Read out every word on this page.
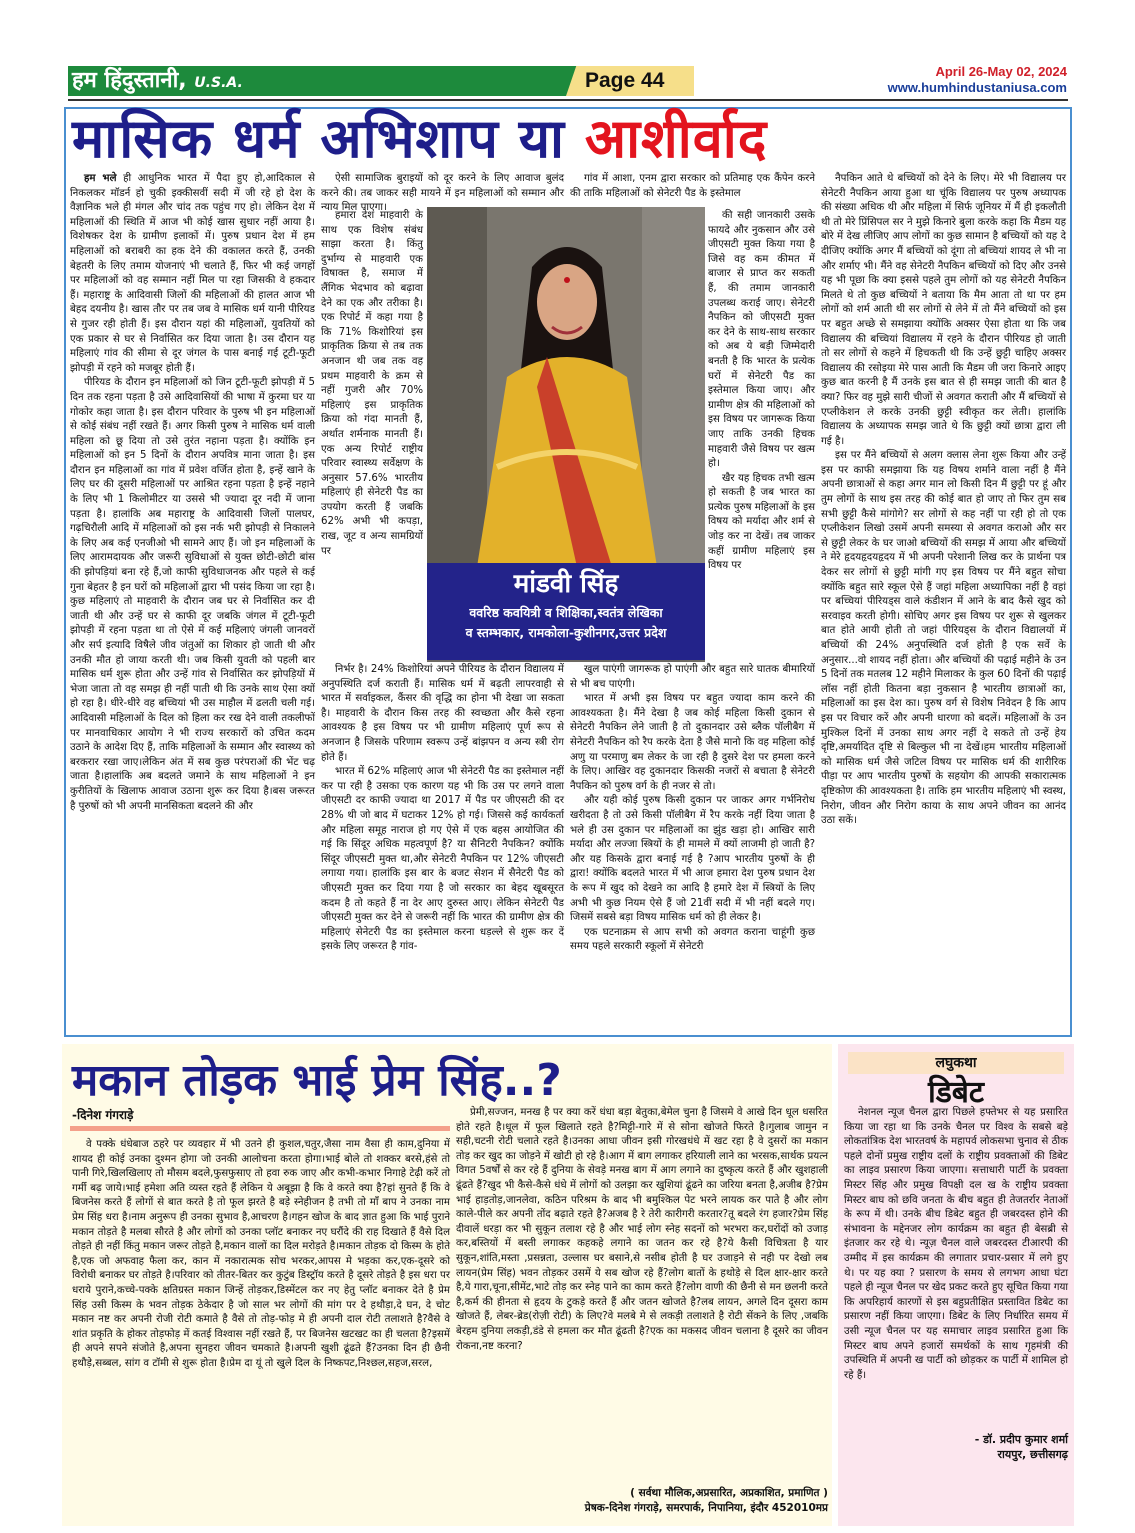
हम हिंदुस्तानी, U.S.A.	Page 44	April 26-May 02, 2024
www.humhindustaniusa.com
मासिक धर्म अभिशाप या आशीर्वाद

हम भले ही आधुनिक भारत में पैदा हुए हो,आदिकाल से निकलकर मॉडर्न हो चुकी इक्कीसवीं सदी में जी रहे हो देश के वैज्ञानिक भले ही मंगल और चांद तक पहुंच गए हो। लेकिन देश में महिलाओं की स्थिति में आज भी कोई खास सुधार नहीं आया है। विशेषकर देश के ग्रामीण इलाकों में। पुरुष प्रधान देश में हम महिलाओं को बराबरी का हक देने की वकालत करते हैं, उनकी बेहतरी के लिए तमाम योजनाएं भी चलाते हैं, फिर भी कई जगहों पर महिलाओं को वह सम्मान नहीं मिल पा रहा जिसकी वे हकदार हैं। महाराष्ट्र के आदिवासी जिलों की महिलाओं की हालत आज भी बेहद दयनीय है। खास तौर पर तब जब वे मासिक धर्म यानी पीरियड से गुजर रही होती हैं। इस दौरान यहां की महिलाओं, युवतियों को एक प्रकार से घर से निर्वासित कर दिया जाता है। उस दौरान यह महिलाएं गांव की सीमा से दूर जंगल के पास बनाई गई टूटी-फूटी झोपड़ी में रहने को मजबूर होती हैं।

पीरियड के दौरान इन महिलाओं को जिन टूटी-फूटी झोपड़ी में 5 दिन तक रहना पड़ता है उसे आदिवासियों की भाषा में कुरमा घर या गोकोर कहा जाता है। इस दौरान परिवार के पुरुष भी इन महिलाओं से कोई संबंध नहीं रखते हैं। अगर किसी पुरुष ने मासिक धर्म वाली महिला को छू दिया तो उसे तुरंत नहाना पड़ता है। क्योंकि इन महिलाओं को इन 5 दिनों के दौरान अपवित्र माना जाता है। इस दौरान इन महिलाओं का गांव में प्रवेश वर्जित होता है, इन्हें खाने के लिए घर की दूसरी महिलाओं पर आश्रित रहना पड़ता है इन्हें नहाने के लिए भी 1 किलोमीटर या उससे भी ज्यादा दूर नदी में जाना पड़ता है। हालांकि अब महाराष्ट्र के आदिवासी जिलों पालघर, गढ़चिरौली आदि में महिलाओं को इस नर्क भरी झोपड़ी से निकालने के लिए अब कई एनजीओ भी सामने आए हैं। जो इन महिलाओं के लिए आरामदायक और जरूरी सुविधाओं से युक्त छोटी-छोटी बांस की झोपड़ियां बना रहे हैं,जो काफी सुविधाजनक और पहले से कई गुना बेहतर है इन घरों को महिलाओं द्वारा भी पसंद किया जा रहा है। कुछ महिलाएं तो माहवारी के दौरान जब घर से निर्वासित कर दी जाती थी और उन्हें घर से काफी दूर जबकि जंगल में टूटी-फूटी झोपड़ी में रहना पड़ता था तो ऐसे में कई महिलाएं जंगली जानवरों और सर्प इत्यादि विषैले जीव जंतुओं का शिकार हो जाती थी और उनकी मौत हो जाया करती थी। जब किसी युवती को पहली बार मासिक धर्म शुरू होता और उन्हें गांव से निर्वासित कर झोपड़ियों में भेजा जाता तो वह समझ ही नहीं पाती थी कि उनके साथ ऐसा क्यों हो रहा है। धीरे-धीरे वह बच्चियां भी उस माहौल में ढलती चली गई। आदिवासी महिलाओं के दिल को हिला कर रख देने वाली तकलीफों पर मानवाधिकार आयोग ने भी राज्य सरकारों को उचित कदम उठाने के आदेश दिए हैं, ताकि महिलाओं के सम्मान और स्वास्थ्य को बरकरार रखा जाए।लेकिन अंत में सब कुछ परंपराओं की भेंट चढ़ जाता है।हालांकि अब बदलते जमाने के साथ महिलाओं ने इन कुरीतियों के खिलाफ आवाज उठाना शुरू कर दिया है।बस जरूरत है पुरुषों को भी अपनी मानसिकता बदलने की और

ऐसी सामाजिक बुराइयों को दूर करने के लिए आवाज बुलंद करने की। तब जाकर सही मायने में इन महिलाओं को सम्मान और न्याय मिल पाएगा।

हमारा देश माहवारी के साथ एक विशेष संबंध साझा करता है। किंतु दुर्भाग्य से माहवारी एक विषाक्त है, समाज में लैंगिक भेदभाव को बढ़ावा देने का एक और तरीका है। एक रिपोर्ट में कहा गया है कि 71% किशोरियां इस प्राकृतिक क्रिया से तब तक अनजान थी जब तक वह प्रथम माहवारी के क्रम से नहीं गुजरी और 70% महिलाएं इस प्राकृतिक क्रिया को गंदा मानती हैं, अर्थात शर्मनाक मानती हैं। एक अन्य रिपोर्ट राष्ट्रीय परिवार स्वास्थ्य सर्वेक्षण के अनुसार 57.6% भारतीय महिलाएं ही सेनेटरी पैड का उपयोग करती हैं जबकि 62% अभी भी कपड़ा, राख, जूट व अन्य सामग्रियों पर

निर्भर है। 24% किशोरियां अपने पीरियड के दौरान विद्यालय में अनुपस्थिति दर्ज कराती हैं। मासिक धर्म में बढ़ती लापरवाही से भारत में सर्वाइकल, कैंसर की वृद्धि का होना भी देखा जा सकता है। माहवारी के दौरान किस तरह की स्वच्छता और कैसे रहना आवश्यक है इस विषय पर भी ग्रामीण महिलाएं पूर्ण रूप से अनजान है जिसके परिणाम स्वरूप उन्हें बांझपन व अन्य स्त्री रोग होते हैं।

भारत में 62% महिलाएं आज भी सेनेटरी पैड का इस्तेमाल नहीं कर पा रही है उसका एक कारण यह भी कि उस पर लगने वाला जीएसटी दर काफी ज्यादा था 2017 में पैड पर जीएसटी की दर 28% थी जो बाद में घटाकर 12% हो गई। जिससे कई कार्यकर्ता और महिला समूह नाराज हो गए ऐसे में एक बहस आयोजित की गई कि सिंदूर अधिक महत्वपूर्ण है? या सैनिटरी नैपकिन? क्योंकि सिंदूर जीएसटी मुक्त था,और सेनेटरी नैपकिन पर 12% जीएसटी लगाया गया। हालांकि इस बार के बजट सेशन में सैनेटरी पैड को जीएसटी मुक्त कर दिया गया है जो सरकार का बेहद खूबसूरत कदम है तो कहते हैं ना देर आए दुरुस्त आए। लेकिन सेनेटरी पैड जीएसटी मुक्त कर देने से जरूरी नहीं कि भारत की ग्रामीण क्षेत्र की महिलाएं सेनेटरी पैड का इस्तेमाल करना धड़ल्ले से शुरू कर दें इसके लिए जरूरत है गांव-

मांडवी सिंह
ववरिष्ठ कवयित्री व शिक्षिका,स्वतंत्र लेखिका
व स्तम्भकार, रामकोला-कुशीनगर,उत्तर प्रदेश

गांव में आशा, एनम द्वारा सरकार को प्रतिमाह एक कैंपेन करने की ताकि महिलाओं को सेनेटरी पैड के इस्तेमाल

की सही जानकारी उसके फायदे और नुकसान और उसे जीएसटी मुक्त किया गया है जिसे वह कम कीमत में बाजार से प्राप्त कर सकती हैं, की तमाम जानकारी उपलब्ध कराई जाए। सेनेटरी नैपकिन को जीएसटी मुक्त कर देने के साथ-साथ सरकार को अब ये बड़ी जिम्मेदारी बनती है कि भारत के प्रत्येक घरों में सेनेटरी पैड का इस्तेमाल किया जाए। और ग्रामीण क्षेत्र की महिलाओं को इस विषय पर जागरूक किया जाए ताकि उनकी हिचक माहवारी जैसे विषय पर खत्म हो।

खैर यह हिचक तभी खत्म हो सकती है जब भारत का प्रत्येक पुरुष महिलाओं के इस विषय को मर्यादा और शर्म से जोड़ कर ना देखें। तब जाकर कहीं ग्रामीण महिलाएं इस विषय पर

खुल पाएंगी जागरूक हो पाएंगी और बहुत सारे घातक बीमारियों से भी बच पाएंगी।

भारत में अभी इस विषय पर बहुत ज्यादा काम करने की आवश्यकता है। मैंने देखा है जब कोई महिला किसी दुकान से सेनेटरी नैपकिन लेने जाती है तो दुकानदार उसे ब्लैक पॉलीबैग में सेनेटरी नैपकिन को रैप करके देता है जैसे मानो कि वह महिला कोई अणु या परमाणु बम लेकर के जा रही है दुसरे देश पर हमला करने के लिए। आखिर वह दुकानदार किसकी नजरों से बचाता है सेनेटरी नैपकिन को पुरुष वर्ग के ही नजर से तो।

और यही कोई पुरुष किसी दुकान पर जाकर अगर गर्भनिरोध खरीदता है तो उसे किसी पॉलीबैग में रैप करके नहीं दिया जाता है भले ही उस दुकान पर महिलाओं का झुंड खड़ा हो। आखिर सारी मर्यादा और लज्जा स्त्रियों के ही मामले में क्यों लाजमी हो जाती है?और यह किसके द्वारा बनाई गई है ?आप भारतीय पुरुषों के ही द्वारा! क्योंकि बदलते भारत में भी आज हमारा देश पुरुष प्रधान देश के रूप में खुद को देखने का आदि है हमारे देश में स्त्रियों के लिए अभी भी कुछ नियम ऐसे हैं जो 21वीं सदी में भी नहीं बदले गए।जिसमें सबसे बड़ा विषय मासिक धर्म को ही लेकर है।

एक घटनाक्रम से आप सभी को अवगत कराना चाहूंगी कुछ समय पहले सरकारी स्कूलों में सेनेटरी

नैपकिन आते थे बच्चियों को देने के लिए। मेरे भी विद्यालय पर सेनेटरी नैपकिन आया हुआ था चूंकि विद्यालय पर पुरुष अध्यापक की संख्या अधिक थी और महिला में सिर्फ जूनियर में मैं ही इकलौती थी तो मेरे प्रिंसिपल सर ने मुझे किनारे बुला करके कहा कि मैडम यह बोरे में देख लीजिए आप लोगों का कुछ सामान है बच्चियों को यह दे दीजिए क्योंकि अगर मैं बच्चियों को दूंगा तो बच्चियां शायद ले भी ना और शर्माए भी। मैंने वह सेनेटरी नैपकिन बच्चियों को दिए और उनसे यह भी पूछा कि क्या इससे पहले तुम लोगों को यह सेनेटरी नैपकिन मिलते थे तो कुछ बच्चियों ने बताया कि मैम आता तो था पर हम लोगों को शर्म आती थी सर लोगों से लेने में तो मैंने बच्चियों को इस पर बहुत अच्छे से समझाया क्योंकि अक्सर ऐसा होता था कि जब विद्यालय की बच्चियां विद्यालय में रहने के दौरान पीरियड हो जाती तो सर लोगों से कहने में हिचकती थी कि उन्हें छुट्टी चाहिए अक्सर विद्यालय की रसोइया मेरे पास आती कि मैडम जी जरा किनारे आइए कुछ बात करनी है मैं उनके इस बात से ही समझ जाती की बात है क्या? फिर वह मुझे सारी चीजों से अवगत कराती और मैं बच्चियों से एप्लीकेशन ले करके उनकी छुट्टी स्वीकृत कर लेती। हालांकि विद्यालय के अध्यापक समझ जाते थे कि छुट्टी क्यों छात्रा द्वारा ली गई है।

इस पर मैंने बच्चियों से अलग क्लास लेना शुरू किया और उन्हें इस पर काफी समझाया कि यह विषय शर्माने वाला नहीं है मैंने अपनी छात्राओं से कहा अगर मान लो किसी दिन मैं छुट्टी पर हूं और तुम लोगों के साथ इस तरह की कोई बात हो जाए तो फिर तुम सब सभी छुट्टी कैसे मांगोगे? सर लोगों से कह नहीं पा रही हो तो एक एप्लीकेशन लिखो उसमें अपनी समस्या से अवगत कराओ और सर से छुट्टी लेकर के घर जाओ बच्चियों की समझ में आया और बच्चियों ने मेरे हृदयहृदयहृदय में भी अपनी परेशानी लिख कर के प्रार्थना पत्र देकर सर लोगों से छुट्टी मांगी गए इस विषय पर मैंने बहुत सोचा क्योंकि बहुत सारे स्कूल ऐसे हैं जहां महिला अध्यापिका नहीं है वहां पर बच्चियां पीरियड्स वाले कंडीशन में आने के बाद कैसे खुद को सरवाइव करती होगी। सोचिए अगर इस विषय पर शुरू से खुलकर बात होते आयी होती तो जहां पीरियड्स के दौरान विद्यालयों में बच्चियों की 24% अनुपस्थिति दर्ज होती है एक सर्वे के अनुसार...वो शायद नहीं होता। और बच्चियों की पढ़ाई महीने के उन 5 दिनों तक मतलब 12 महीने मिलाकर के कुल 60 दिनों की पढ़ाई लॉस नहीं होती कितना बड़ा नुकसान है भारतीय छात्राओं का, महिलाओं का इस देश का। पुरुष वर्ग से विशेष निवेदन है कि आप इस पर विचार करें और अपनी धारणा को बदलें। महिलाओं के उन मुश्किल दिनों में उनका साथ अगर नहीं दे सकते तो उन्हें हेय दृष्टि,अमर्यादित दृष्टि से बिल्कुल भी ना देखें।हम भारतीय महिलाओं को मासिक धर्म जैसे जटिल विषय पर मासिक धर्म की शारीरिक पीड़ा पर आप भारतीय पुरुषों के सहयोग की आपकी सकारात्मक दृष्टिकोण की आवश्यकता है। ताकि हम भारतीय महिलाएं भी स्वस्थ, निरोग, जीवन और निरोग काया के साथ अपने जीवन का आनंद उठा सकें।

मकान तोड़क भाई प्रेम सिंह..?
-दिनेश गंगराड़े

वे पक्के धंधेबाज ठहरे पर व्यवहार में भी उतने ही कुशल,चतुर,जैसा नाम वैसा ही काम,दुनिया में शायद ही कोई उनका दुश्मन होगा जो उनकी आलोचना करता होगा।भाई बोले तो शक्कर बरसे,हंसे तो पानी गिरे,खिलखिलाए तो मौसम बदले,फुसफुसाए तो हवा रुक जाए और कभी-कभार निगाहे टेढ़ी करें तो गर्मी बढ़ जाये।भाई हमेशा अति व्यस्त रहते हैं लेकिन ये अबूझा है कि वे करते क्या है?हां सुनते हैं कि वे बिजनेस करते हैं लोगों से बात करते है तो फूल झरते है बड़े स्नेहीजन है तभी तो माँ बाप ने उनका नाम प्रेम सिंह धरा है।नाम अनुरूप ही उनका सुभाव है,आचरण है।गहन खोज के बाद ज्ञात हुआ कि भाई पुराने मकान तोड़ते है मलबा सौरते है और लोगों को उनका प्लॉट बनाकर नए घरौंदे की राह दिखाते हैं वैसे दिल तोड़ते ही नहीं किंतु मकान जरूर तोड़ते है,मकान वालों का दिल मरोड़ते है।मकान तोड़क दो किस्म के होते है,एक जो अफवाह फैला कर, कान में नकारात्मक सोच भरकर,आपस मे भड़का कर,एक-दूसरे को विरोधी बनाकर घर तोड़ते है।परिवार को तीतर-बितर कर कुटुंब डिस्ट्रॉय करते है दूसरे तोड़ते है इस धरा पर धराये पुराने,कच्चे-पक्के क्षतिग्रस्त मकान जिन्हें तोड़कर,डिस्मेंटल कर नए हेतु प्लॉट बनाकर देते है प्रेम सिंह उसी किस्म के भवन तोड़क ठेकेदार है जो साल भर लोगों की मांग पर दे हथौड़ा,दे घन, दे चोट मकान नष्ट कर अपनी रोजी रोटी कमाते है वैसे तो तोड़-फोड़ मे ही अपनी दाल रोटी तलाशते है?वैसे वे शांत प्रकृति के होकर तोड़फोड़ में कतई विश्वास नहीं रखते हैं, पर बिजनेस खटखट का ही चलता है?इसमें ही अपने सपने संजोते है,अपना सुनहरा जीवन चमकाते है।अपनी खुशी ढूंढते हैं?उनका दिन ही छैनी हथौड़े,सब्बल, सांग व टॉमी से शुरू होता है।प्रेम दा यूं तो खुले दिल के निष्कपट,निश्छल,सहज,सरल,

प्रेमी,सज्जन, मनख है पर क्या करें धंधा बड़ा बेतुका,बेमेल चुना है जिसमे वे आखे दिन धूल धसरित होते रहते है।धूल में फूल खिलाते रहते है?मिट्टी-गारे में से सोना खोजते फिरते है।गुलाब जामुन न सही,चटनी रोटी चलाते रहते है।उनका आधा जीवन इसी गोरखधंधे में खट रहा है वे दुसरों का मकान तोड़ कर खुद का जोड़ने में खोटी हो रहे है।आग में बाग लगाकर हरियाली लाने का भरसक,सार्थक प्रयत्न विगत 5वर्षों से कर रहे हैं दुनिया के सेवड़े मनख बाग में आग लगाने का दुष्कृत्य करते हैं और खुशहाली ढूंढते हैं?खुद भी कैसे-कैसे धंधे में लोगों को उलझा कर खुशियां ढूंढने का जरिया बनता है,अजीब है?प्रेम भाई हाड़तोड़,जानलेवा, कठिन परिश्रम के बाद भी बमुश्किल पेट भरने लायक कर पाते है और लोग काले-पीले कर अपनी तोंद बढ़ाते रहते है?अजब है रे तेरी कारीगरी करतार?तू बदले रंग हजार?प्रेम सिंह दीवालें धरड़ा कर भी सुकून तलाश रहे है और भाई लोग स्नेह सदनों को भरभरा कर,घरोंदों को उजाड़ कर,बस्तियों में बस्ती लगाकर कहकहे लगाने का जतन कर रहे है?ये कैसी विचित्रता है यार सुकून,शांति,मस्ता ,प्रसन्नता, उल्लास घर बसाने,से नसीब होती है घर उजाड़ने से नही पर देखो लब लायन(प्रेम सिंह) भवन तोड़कर उसमें ये सब खोज रहे हैं?लोग बातों के हथोड़े से दिल क्षार-क्षार करते है,ये गारा,चूना,सीमेंट,भाटे तोड़ कर स्नेह पाने का काम करते हैं?लोग वाणी की छैनी से मन छलनी करते है,कर्म की हीनता से हृदय के टुकड़े करते हैं और जतन खोजते है?लब लायन, अगले दिन दूसरा काम खोजते हैं, लेबर-ब्रेड(रोज़ी रोटी) के लिए?वे मलबे मे से लकड़ी तलाशते है रोटी सेंकने के लिए ,जबकि बेरहम दुनिया लकड़ी,डंडे से हमला कर मौत ढूंढती है?एक का मकसद जीवन चलाना है दूसरे का जीवन रोकना,नष्ट करना?

( सर्वथा मौलिक,अप्रसारित, अप्रकाशित, प्रमाणित )
प्रेषक-दिनेश गंगराड़े, समरपार्क, निपानिया, इंदौर 452010मप्र
लघुकथा
डिबेट

नेशनल न्यूज चैनल द्वारा पिछले हफ्तेभर से यह प्रसारित किया जा रहा था कि उनके चैनल पर विश्व के सबसे बड़े लोकतांत्रिक देश भारतवर्ष के महापर्व लोकसभा चुनाव से ठीक पहले दोनों प्रमुख राष्ट्रीय दलों के राष्ट्रीय प्रवक्ताओं की डिबेट का लाइव प्रसारण किया जाएगा। सत्ताधारी पार्टी के प्रवक्ता मिस्टर सिंह और प्रमुख विपक्षी दल ख के राष्ट्रीय प्रवक्ता मिस्टर बाघ को छवि जनता के बीच बहुत ही तेजतर्रार नेताओं के रूप में थी। उनके बीच डिबेट बहुत ही जबरदस्त होने की संभावना के मद्देनजर लोग कार्यक्रम का बहुत ही बेसब्री से इंतजार कर रहे थे। न्यूज़ चैनल वाले जबरदस्त टीआरपी की उम्मीद में इस कार्यक्रम की लगातार प्रचार-प्रसार में लगे हुए थे। पर यह क्या ? प्रसारण के समय से लगभग आधा घंटा पहले ही न्यूज चैनल पर खेद प्रकट करते हुए सूचित किया गया कि अपरिहार्य कारणों से इस बहुप्रतीक्षित प्रस्तावित डिबेट का प्रसारण नहीं किया जाएगा। डिबेट के लिए निर्धारित समय में उसी न्यूज चैनल पर यह समाचार लाइव प्रसारित हुआ कि मिस्टर बाघ अपने हजारों समर्थकों के साथ गृहमंत्री की उपस्थिति में अपनी ख पार्टी को छोड़कर क पार्टी में शामिल हो रहे हैं।

- डॉ. प्रदीप कुमार शर्मा
रायपुर, छत्तीसगढ़
